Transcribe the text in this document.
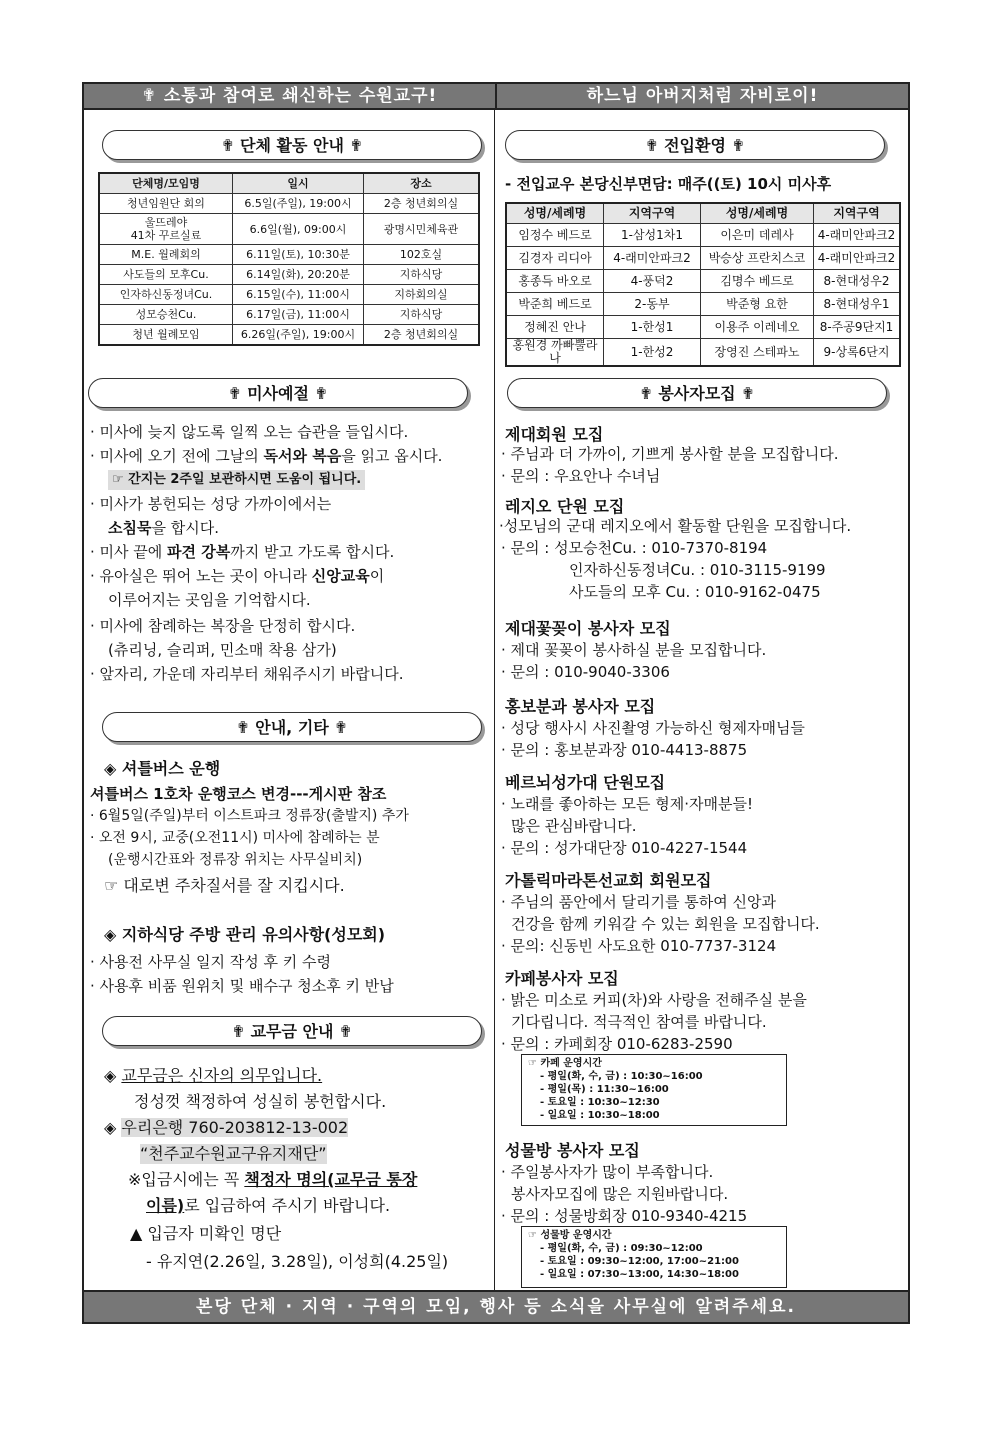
✟ 소통과 참여로 쇄신하는 수원교구!	하느님 아버지처럼 자비로이!
✟ 단체 활동 안내 ✟
단체명/모임명	일시	장소
청년임원단 회의	6.5일(주일), 19:00시	2층 청년회의실
울뜨레야
41차 꾸르실료	6.6일(월), 09:00시	광명시민체육관
M.E. 월례회의	6.11일(토), 10:30분	102호실
사도들의 모후Cu.	6.14일(화), 20:20분	지하식당
인자하신동정녀Cu.	6.15일(수), 11:00시	지하회의실
성모승천Cu.	6.17일(금), 11:00시	지하식당
청년 월례모임	6.26일(주일), 19:00시	2층 청년회의실
✟ 미사예절 ✟
· 미사에 늦지 않도록 일찍 오는 습관을 들입시다.
· 미사에 오기 전에 그날의 독서와 복음을 읽고 옵시다.
☞ 간지는 2주일 보관하시면 도움이 됩니다.
· 미사가 봉헌되는 성당 가까이에서는
소침묵을 합시다.
· 미사 끝에 파견 강복까지 받고 가도록 합시다.
· 유아실은 뛰어 노는 곳이 아니라 신앙교육이
이루어지는 곳임을 기억합시다.
· 미사에 참례하는 복장을 단정히 합시다.
(츄리닝, 슬리퍼, 민소매 착용 삼가)
· 앞자리, 가운데 자리부터 채워주시기 바랍니다.
✟ 안내, 기타 ✟
◈ 셔틀버스 운행
셔틀버스 1호차 운행코스 변경---게시판 참조
· 6월5일(주일)부터 이스트파크 정류장(출발지) 추가
· 오전 9시, 교중(오전11시) 미사에 참례하는 분
(운행시간표와 정류장 위치는 사무실비치)
☞ 대로변 주차질서를 잘 지킵시다.
◈ 지하식당 주방 관리 유의사항(성모회)
· 사용전 사무실 일지 작성 후 키 수령
· 사용후 비품 원위치 및 배수구 청소후 키 반납
✟ 교무금 안내 ✟
◈ 교무금은 신자의 의무입니다.
정성껏 책정하여 성실히 봉헌합시다.
◈ 우리은행 760-203812-13-002
“천주교수원교구유지재단”
※입금시에는 꼭 책정자 명의(교무금 통장
이름)로 입금하여 주시기 바랍니다.
▲ 입금자 미확인 명단
- 유지연(2.26일, 3.28일), 이성희(4.25일)
✟ 전입환영 ✟
- 전입교우 본당신부면담: 매주((토) 10시 미사후
성명/세례명	지역구역	성명/세례명	지역구역
임정수 베드로	1-삼성1차1	이은미 데레사	4-래미안파크2
김경자 리디아	4-래미안파크2	박승상 프란치스코	4-래미안파크2
홍종득 바오로	4-풍덕2	김명수 베드로	8-현대성우2
박준희 베드로	2-동부	박준형 요한	8-현대성우1
정혜진 안나	1-한성1	이용주 이레네오	8-주공9단지1
홍원경 까빠뿔라나	1-한성2	장영진 스테파노	9-상록6단지
✟ 봉사자모집 ✟
제대회원 모집
· 주님과 더 가까이, 기쁘게 봉사할 분을 모집합니다.
· 문의 : 우요안나 수녀님
레지오 단원 모집
·성모님의 군대 레지오에서 활동할 단원을 모집합니다.
· 문의 : 성모승천Cu. : 010-7370-8194
인자하신동정녀Cu. : 010-3115-9199
사도들의 모후 Cu. : 010-9162-0475
제대꽃꽂이 봉사자 모집
· 제대 꽃꽂이 봉사하실 분을 모집합니다.
· 문의 : 010-9040-3306
홍보분과 봉사자 모집
· 성당 행사시 사진촬영 가능하신 형제자매님들
· 문의 : 홍보분과장 010-4413-8875
베르뇌성가대 단원모집
· 노래를 좋아하는 모든 형제·자매분들!
많은 관심바랍니다.
· 문의 : 성가대단장 010-4227-1544
가톨릭마라톤선교회 회원모집
· 주님의 품안에서 달리기를 통하여 신앙과
건강을 함께 키워갈 수 있는 회원을 모집합니다.
· 문의: 신동빈 사도요한 010-7737-3124
카페봉사자 모집
· 밝은 미소로 커피(차)와 사랑을 전해주실 분을
기다립니다. 적극적인 참여를 바랍니다.
· 문의 : 카페회장 010-6283-2590
☞ 카페 운영시간
- 평일(화, 수, 금) : 10:30~16:00
- 평일(목) : 11:30~16:00
- 토요일 : 10:30~12:30
- 일요일 : 10:30~18:00
성물방 봉사자 모집
· 주일봉사자가 많이 부족합니다.
봉사자모집에 많은 지원바랍니다.
· 문의 : 성물방회장 010-9340-4215
☞ 성물방 운영시간
- 평일(화, 수, 금) : 09:30~12:00
- 토요일 : 09:30~12:00, 17:00~21:00
- 일요일 : 07:30~13:00, 14:30~18:00
본당 단체 · 지역 · 구역의 모임, 행사 등 소식을 사무실에 알려주세요.
